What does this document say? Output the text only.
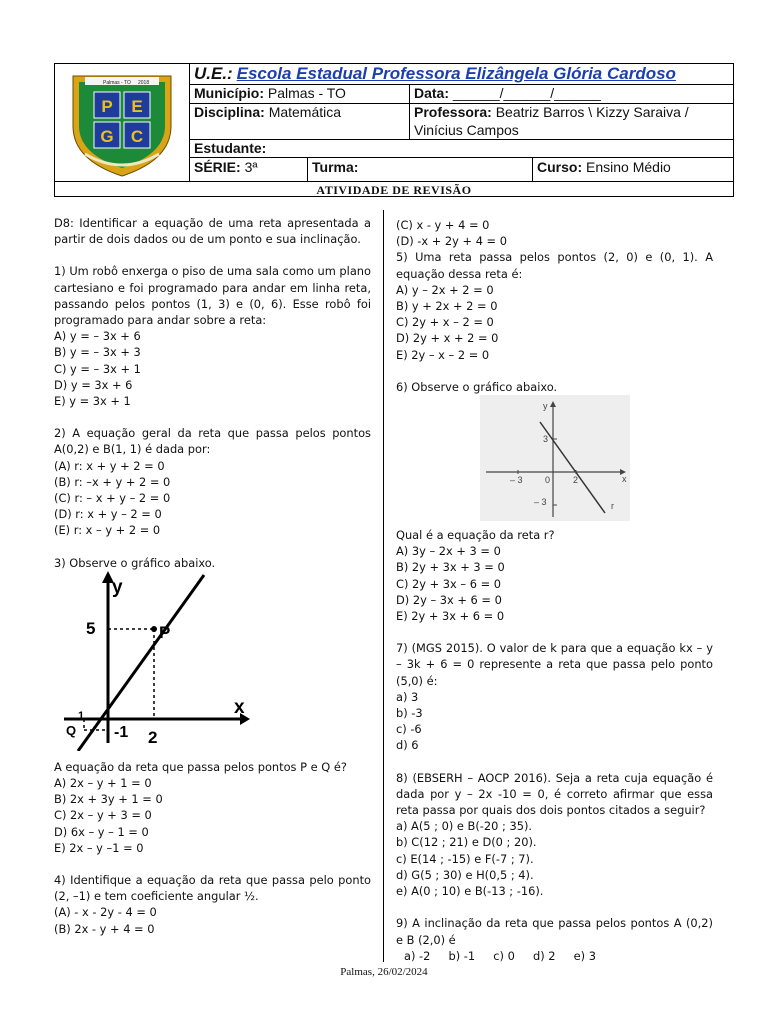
Palmas - TO 2018
P E
G C
U.E.: Escola Estadual Professora Elizângela Glória Cardoso
Município: Palmas - TO	Data: ______/______/______
Disciplina: Matemática	Professora: Beatriz Barros \ Kizzy Saraiva / Vinícius Campos
Estudante:
SÉRIE: 3ª	Turma:	Curso: Ensino Médio
ATIVIDADE DE REVISÃO

D8: Identificar a equação de uma reta apresentada a partir de dois dados ou de um ponto e sua inclinação.

1) Um robô enxerga o piso de uma sala como um plano cartesiano e foi programado para andar em linha reta, passando pelos pontos (1, 3) e (0, 6). Esse robô foi programado para andar sobre a reta:

A) y = – 3x + 6

B) y = – 3x + 3

C) y = – 3x + 1

D) y = 3x + 6

E) y = 3x + 1

2) A equação geral da reta que passa pelos pontos A(0,2) e B(1, 1) é dada por:

(A) r: x + y + 2 = 0

(B) r: –x + y + 2 = 0

(C) r: – x + y – 2 = 0

(D) r: x + y – 2 = 0

(E) r: x – y + 2 = 0

3) Observe o gráfico abaixo.

y
x
5	P
2
-1
Q
1

A equação da reta que passa pelos pontos P e Q é?

A) 2x – y + 1 = 0

B) 2x + 3y + 1 = 0

C) 2x – y + 3 = 0

D) 6x – y – 1 = 0

E) 2x – y –1 = 0

4) Identifique a equação da reta que passa pelo ponto (2, –1) e tem coeficiente angular ½.

(A) - x - 2y - 4 = 0

(B) 2x - y + 4 = 0

(C) x - y + 4 = 0

(D) -x + 2y + 4 = 0

5) Uma reta passa pelos pontos (2, 0) e (0, 1). A equação dessa reta é:

A) y – 2x + 2 = 0

B) y + 2x + 2 = 0

C) 2y + x – 2 = 0

D) 2y + x + 2 = 0

E) 2y – x – 2 = 0

6) Observe o gráfico abaixo.

y
x
3
– 3 0	2
– 3	r

Qual é a equação da reta r?

A) 3y – 2x + 3 = 0

B) 2y + 3x + 3 = 0

C) 2y + 3x – 6 = 0

D) 2y – 3x + 6 = 0

E) 2y + 3x + 6 = 0

7) (MGS 2015). O valor de k para que a equação kx – y – 3k + 6 = 0 represente a reta que passa pelo ponto (5,0) é:

a) 3

b) -3

c) -6

d) 6

8) (EBSERH – AOCP 2016). Seja a reta cuja equação é dada por y – 2x -10 = 0, é correto afirmar que essa reta passa por quais dos dois pontos citados a seguir?

a) A(5 ; 0) e B(-20 ; 35).

b) C(12 ; 21) e D(0 ; 20).

c) E(14 ; -15) e F(-7 ; 7).

d) G(5 ; 30) e H(0,5 ; 4).

e) A(0 ; 10) e B(-13 ; -16).

9) A inclinação da reta que passa pelos pontos A (0,2) e B (2,0) é

a) -2 b) -1 c) 0 d) 2 e) 3

Palmas, 26/02/2024
